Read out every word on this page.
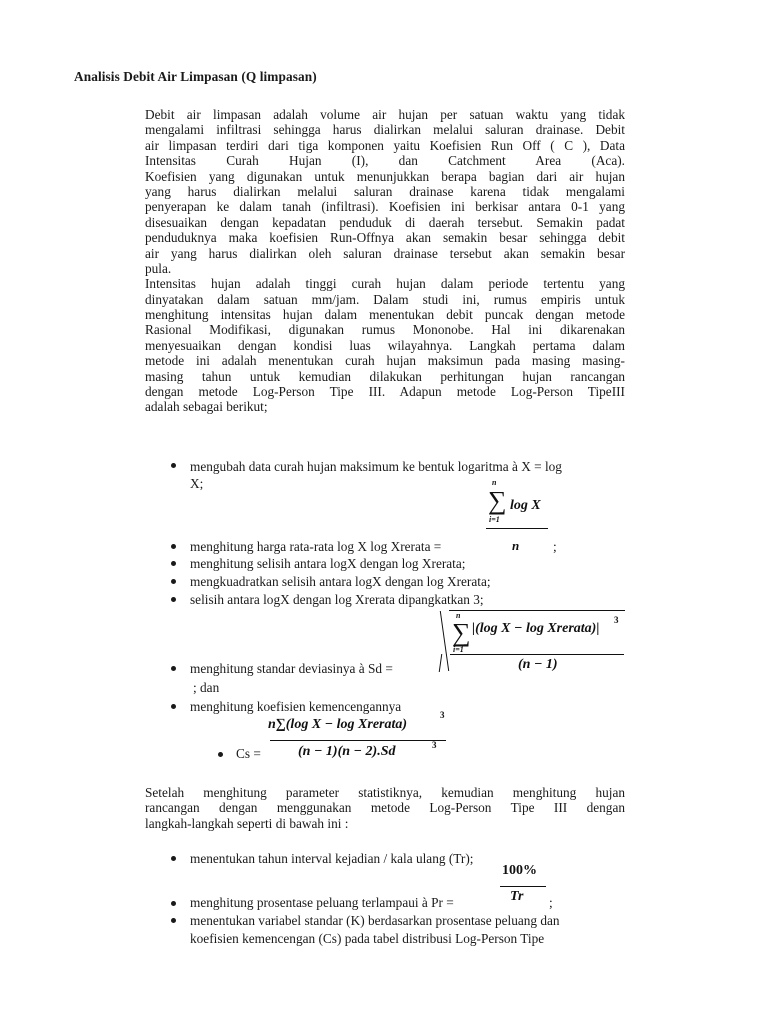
Analisis Debit Air Limpasan (Q limpasan)
Debit air limpasan adalah volume air hujan per satuan waktu yang tidak
mengalami infiltrasi sehingga harus dialirkan melalui saluran drainase. Debit
air limpasan terdiri dari tiga komponen yaitu Koefisien Run Off ( C ), Data
Intensitas Curah Hujan (I), dan Catchment Area (Aca).
Koefisien yang digunakan untuk menunjukkan berapa bagian dari air hujan
yang harus dialirkan melalui saluran drainase karena tidak mengalami
penyerapan ke dalam tanah (infiltrasi). Koefisien ini berkisar antara 0-1 yang
disesuaikan dengan kepadatan penduduk di daerah tersebut. Semakin padat
penduduknya maka koefisien Run-Offnya akan semakin besar sehingga debit
air yang harus dialirkan oleh saluran drainase tersebut akan semakin besar
pula.
Intensitas hujan adalah tinggi curah hujan dalam periode tertentu yang
dinyatakan dalam satuan mm/jam. Dalam studi ini, rumus empiris untuk
menghitung intensitas hujan dalam menentukan debit puncak dengan metode
Rasional Modifikasi, digunakan rumus Mononobe. Hal ini dikarenakan
menyesuaikan dengan kondisi luas wilayahnya. Langkah pertama dalam
metode ini adalah menentukan curah hujan maksimun pada masing masing-
masing tahun untuk kemudian dilakukan perhitungan hujan rancangan
dengan metode Log-Person Tipe III. Adapun metode Log-Person TipeIII
adalah sebagai berikut;
mengubah data curah hujan maksimum ke bentuk logaritma à X = log
X;	n
∑
i=1
log X
n
menghitung harga rata-rata log X log Xrerata =	;
menghitung selisih antara logX dengan log Xrerata;
mengkuadratkan selisih antara logX dengan log Xrerata;
selisih antara logX dengan log Xrerata dipangkatkan 3;
n
∑
i=1
|(log X − log Xrerata)|
3
(n − 1)
menghitung standar deviasinya à Sd =
; dan
menghitung koefisien kemencengannya
n∑(log X − log Xrerata)
3
(n − 1)(n − 2).Sd	3
Cs =
Setelah menghitung parameter statistiknya, kemudian menghitung hujan
rancangan dengan menggunakan metode Log-Person Tipe III dengan
langkah-langkah seperti di bawah ini :
menentukan tahun interval kejadian / kala ulang (Tr);
100%
Tr
menghitung prosentase peluang terlampaui à Pr =	;
menentukan variabel standar (K) berdasarkan prosentase peluang dan
koefisien kemencengan (Cs) pada tabel distribusi Log-Person Tipe
